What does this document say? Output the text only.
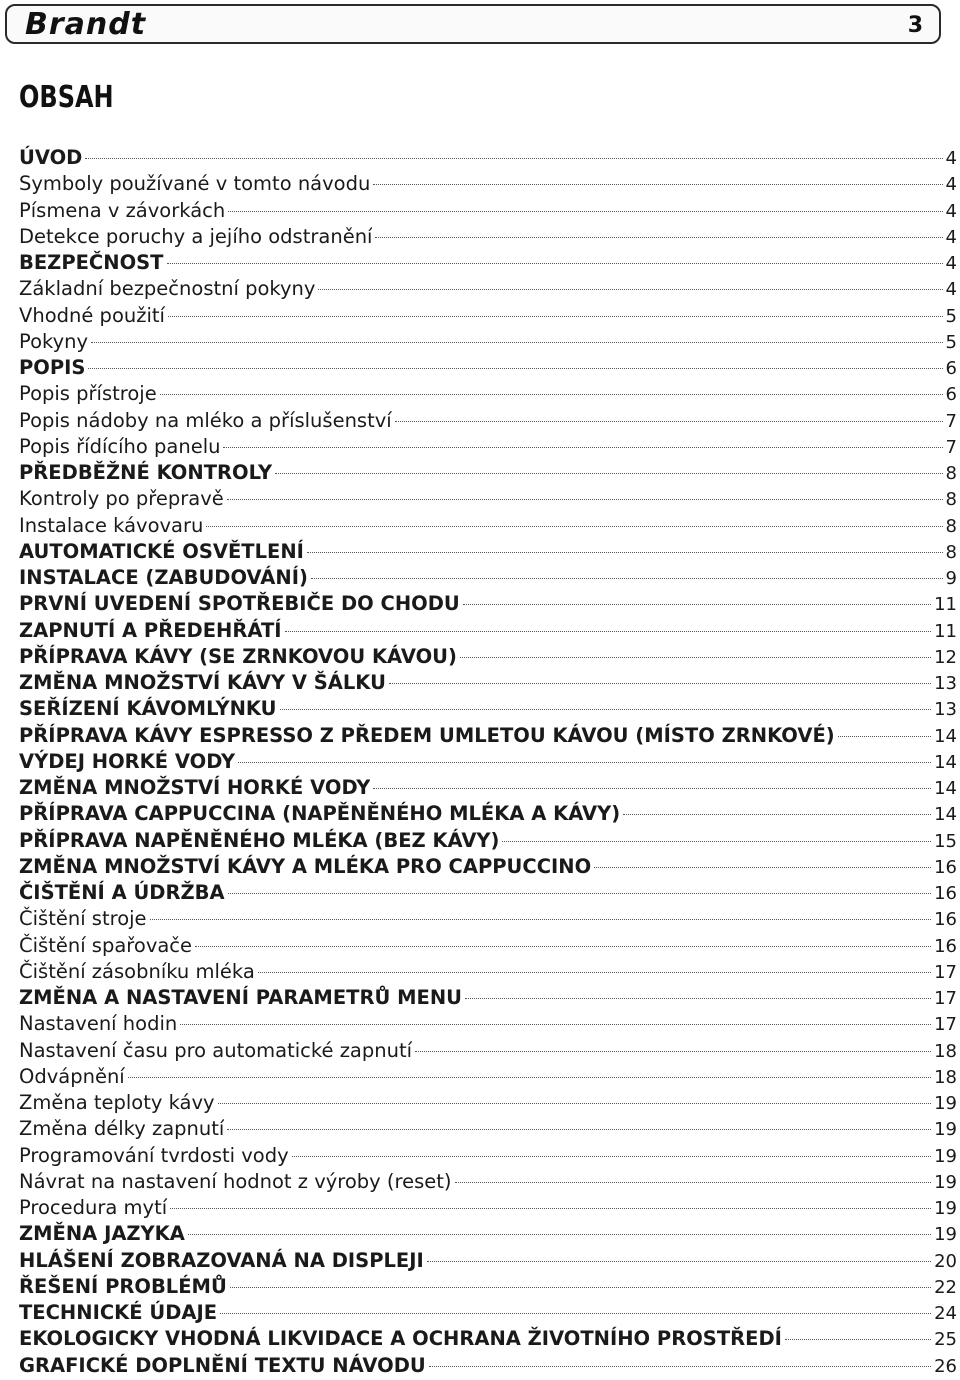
Brandt	3
OBSAH
ÚVOD	4
Symboly používané v tomto návodu	4
Písmena v závorkách	4
Detekce poruchy a jejího odstranění	4
BEZPEČNOST	4
Základní bezpečnostní pokyny	4
Vhodné použití	5
Pokyny	5
POPIS	6
Popis přístroje	6
Popis nádoby na mléko a příslušenství	7
Popis řídícího panelu	7
PŘEDBĚŽNÉ KONTROLY	8
Kontroly po přepravě	8
Instalace kávovaru	8
AUTOMATICKÉ OSVĚTLENÍ	8
INSTALACE (ZABUDOVÁNÍ)	9
PRVNÍ UVEDENÍ SPOTŘEBIČE DO CHODU	11
ZAPNUTÍ A PŘEDEHŘÁTÍ	11
PŘÍPRAVA KÁVY (SE ZRNKOVOU KÁVOU)	12
ZMĚNA MNOŽSTVÍ KÁVY V ŠÁLKU	13
SEŘÍZENÍ KÁVOMLÝNKU	13
PŘÍPRAVA KÁVY ESPRESSO Z PŘEDEM UMLETOU KÁVOU (MÍSTO ZRNKOVÉ)	14
VÝDEJ HORKÉ VODY	14
ZMĚNA MNOŽSTVÍ HORKÉ VODY	14
PŘÍPRAVA CAPPUCCINA (NAPĚNĚNÉHO MLÉKA A KÁVY)	14
PŘÍPRAVA NAPĚNĚNÉHO MLÉKA (BEZ KÁVY)	15
ZMĚNA MNOŽSTVÍ KÁVY A MLÉKA PRO CAPPUCCINO	16
ČIŠTĚNÍ A ÚDRŽBA	16
Čištění stroje	16
Čištění spařovače	16
Čištění zásobníku mléka	17
ZMĚNA A NASTAVENÍ PARAMETRŮ MENU	17
Nastavení hodin	17
Nastavení času pro automatické zapnutí	18
Odvápnění	18
Změna teploty kávy	19
Změna délky zapnutí	19
Programování tvrdosti vody	19
Návrat na nastavení hodnot z výroby (reset)	19
Procedura mytí	19
ZMĚNA JAZYKA	19
HLÁŠENÍ ZOBRAZOVANÁ NA DISPLEJI	20
ŘEŠENÍ PROBLÉMŮ	22
TECHNICKÉ ÚDAJE	24
EKOLOGICKY VHODNÁ LIKVIDACE A OCHRANA ŽIVOTNÍHO PROSTŘEDÍ	25
GRAFICKÉ DOPLNĚNÍ TEXTU NÁVODU	26
